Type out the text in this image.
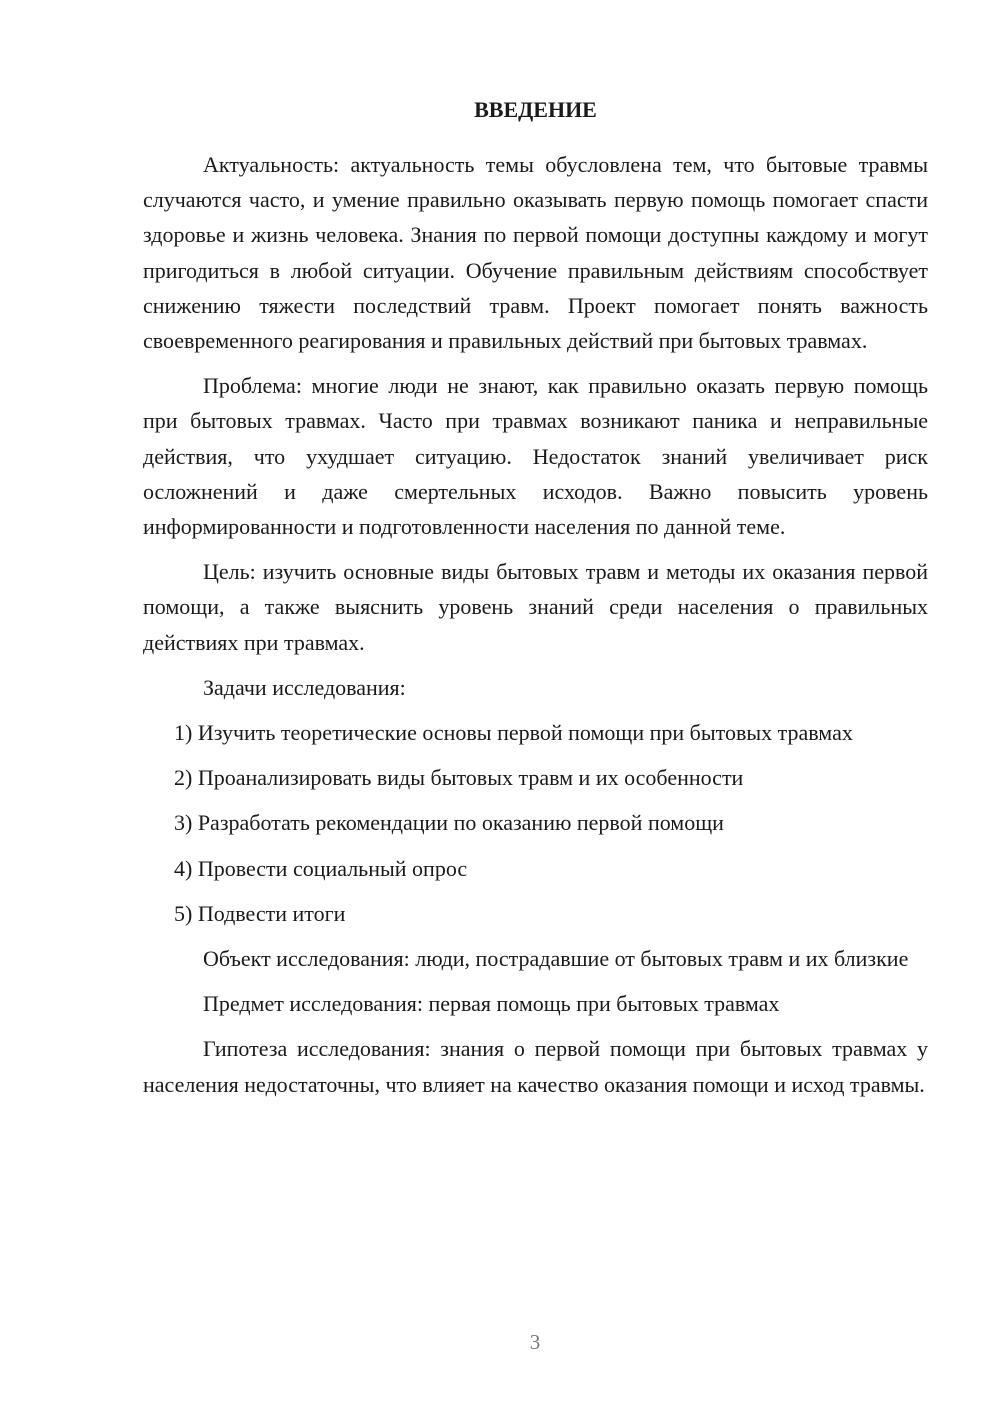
ВВЕДЕНИЕ

Актуальность: актуальность темы обусловлена тем, что бытовые травмы случаются часто, и умение правильно оказывать первую помощь помогает спасти здоровье и жизнь человека. Знания по первой помощи доступны каждому и могут пригодиться в любой ситуации. Обучение правильным действиям способствует снижению тяжести последствий травм. Проект помогает понять важность своевременного реагирования и правильных действий при бытовых травмах.

Проблема: многие люди не знают, как правильно оказать первую помощь при бытовых травмах. Часто при травмах возникают паника и неправильные действия, что ухудшает ситуацию. Недостаток знаний увеличивает риск осложнений и даже смертельных исходов. Важно повысить уровень информированности и подготовленности населения по данной теме.

Цель: изучить основные виды бытовых травм и методы их оказания первой помощи, а также выяснить уровень знаний среди населения о правильных действиях при травмах.

Задачи исследования:

1) Изучить теоретические основы первой помощи при бытовых травмах

2) Проанализировать виды бытовых травм и их особенности

3) Разработать рекомендации по оказанию первой помощи

4) Провести социальный опрос

5) Подвести итоги

Объект исследования: люди, пострадавшие от бытовых травм и их близкие

Предмет исследования: первая помощь при бытовых травмах

Гипотеза исследования: знания о первой помощи при бытовых травмах у населения недостаточны, что влияет на качество оказания помощи и исход травмы.

3
